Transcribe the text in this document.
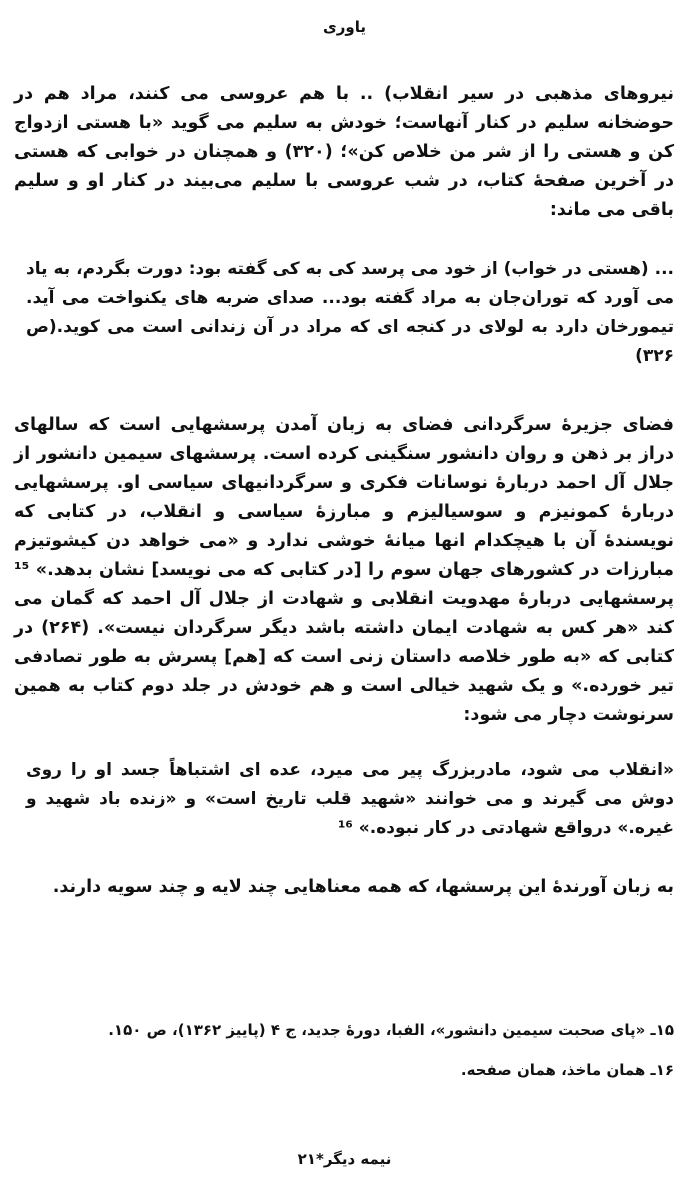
یاوری

نیروهای مذهبی در سیر انقلاب) .. با هم عروسی می کنند، مراد هم در حوضخانه سلیم در کنار آنهاست؛ خودش به سلیم می گوید «با هستی ازدواج کن و هستی را از شر من خلاص کن»؛ (۳۲۰) و همچنان در خوابی که هستی در آخرین صفحهٔ کتاب، در شب عروسی با سلیم می‌بیند در کنار او و سلیم باقی می ماند:

... (هستی در خواب) از خود می پرسد کی به کی گفته بود: دورت بگردم، به یاد می آورد که توران‌جان به مراد گفته بود... صدای ضربه های یکنواخت می آید. تیمورخان دارد به لولای در کنجه ای که مراد در آن زندانی است می کوید.(ص ۳۲۶)

فضای جزیرهٔ سرگردانی فضای به زبان آمدن پرسشهایی است که سالهای دراز بر ذهن و روان دانشور سنگینی کرده است. پرسشهای سیمین دانشور از جلال آل احمد دربارهٔ نوسانات فکری و سرگردانیهای سیاسی او. پرسشهایی دربارهٔ کمونیزم و سوسیالیزم و مبارزهٔ سیاسی و انقلاب، در کتابی که نویسندهٔ آن با هیچکدام انها میانهٔ خوشی ندارد و «می خواهد دن کیشوتیزم مبارزات در کشورهای جهان سوم را [در کتابی که می نویسد] نشان بدهد.» ¹⁵ پرسشهایی دربارهٔ مهدویت انقلابی و شهادت از جلال آل احمد که گمان می کند «هر کس به شهادت ایمان داشته باشد دیگر سرگردان نیست». (۲۶۴) در کتابی که «به طور خلاصه داستان زنی است که [هم] پسرش به طور تصادفی تیر خورده.» و یک شهید خیالی است و هم خودش در جلد دوم کتاب به همین سرنوشت دچار می شود:

«انقلاب می شود، مادربزرگ پیر می میرد، عده ای اشتباهاً جسد او را روی دوش می گیرند و می خوانند «شهید قلب تاریخ است» و «زنده باد شهید و غیره.» درواقع شهادتی در کار نبوده.» ¹⁶

به زبان آورندهٔ این پرسشها، که همه معناهایی چند لایه و چند سویه دارند.

۱۵ـ «پای صحبت سیمین دانشور»، الفبا، دورهٔ جدید، ج ۴ (پاییز ۱۳۶۲)، ص ۱۵۰.

۱۶ـ همان ماخذ، همان صفحه.

نیمه دیگر*۲۱
